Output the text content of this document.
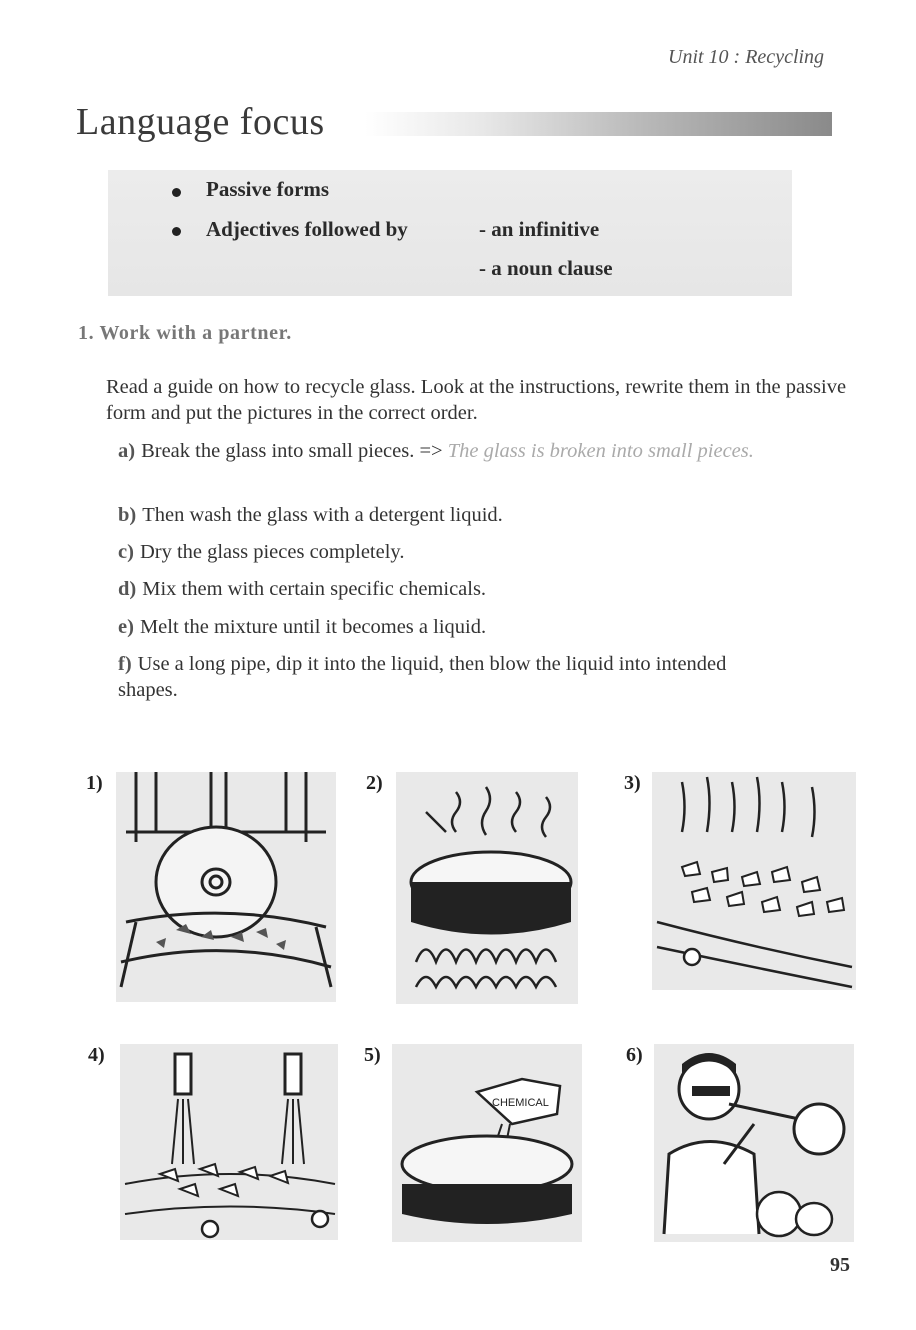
Unit 10 : Recycling
Language focus
Passive forms
Adjectives followed by	- an infinitive
- a noun clause
1. Work with a partner.
Read a guide on how to recycle glass. Look at the instructions, rewrite them in the passive form and put the pictures in the correct order.
a) Break the glass into small pieces. => The glass is broken into small pieces.
b) Then wash the glass with a detergent liquid.
c) Dry the glass pieces completely.
d) Mix them with certain specific chemicals.
e) Melt the mixture until it becomes a liquid.
f) Use a long pipe, dip it into the liquid, then blow the liquid into intended shapes.
1)	2)	3)
4)	5)
CHEMICAL
6)
95
